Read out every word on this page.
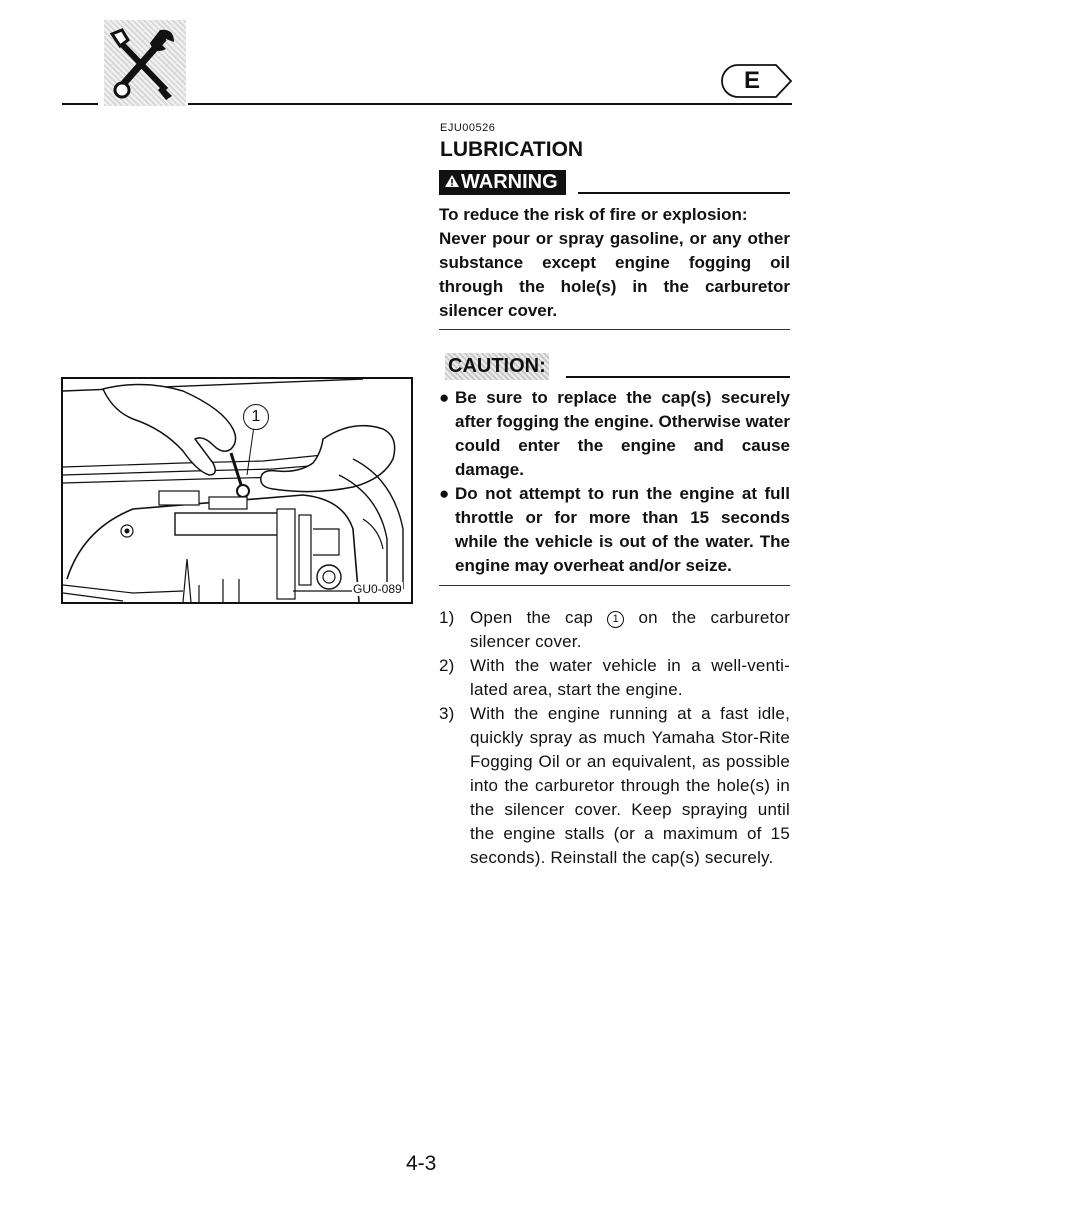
E
EJU00526
LUBRICATION
WARNING

To reduce the risk of fire or explosion:

Never pour or spray gasoline, or any other substance except engine fogging oil through the hole(s) in the carburetor silencer cover.

CAUTION:
● Be sure to replace the cap(s) securely after fogging the engine. Otherwise water could enter the engine and cause damage.
● Do not attempt to run the engine at full throttle or for more than 15 seconds while the vehicle is out of the water. The engine may overheat and/or seize.
1) Open the cap 1 on the carburetor silencer cover.
2) With the water vehicle in a well-venti-lated area, start the engine.
3) With the engine running at a fast idle, quickly spray as much Yamaha Stor-Rite Fogging Oil or an equivalent, as possible into the carburetor through the hole(s) in the silencer cover. Keep spraying until the engine stalls (or a maximum of 15 seconds). Reinstall the cap(s) securely.
1
GU0-089
4-3
